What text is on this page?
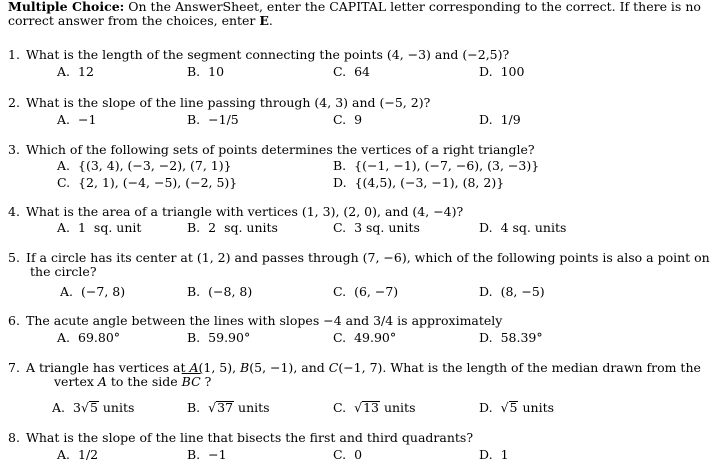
Multiple Choice: On the AnswerSheet, enter the CAPITAL letter corresponding to the correct. If there is no correct answer from the choices, enter E.
1. What is the length of the segment connecting the points (4, −3) and (−2,5)?
A. 12	B. 10	C. 64	D. 100
2. What is the slope of the line passing through (4, 3) and (−5, 2)?
A. −1	B. −1/5	C. 9	D. 1/9
3. Which of the following sets of points determines the vertices of a right triangle?
A. {(3, 4), (−3, −2), (7, 1)}	B. {(−1, −1), (−7, −6), (3, −3)}
C. {2, 1), (−4, −5), (−2, 5)}	D. {(4,5), (−3, −1), (8, 2)}
4. What is the area of a triangle with vertices (1, 3), (2, 0), and (4, −4)?
A. 1  sq. unit	B. 2  sq. units	C. 3 sq. units	D. 4 sq. units
5. If a circle has its center at (1, 2) and passes through (7, −6), which of the following points is also a point on
the circle?
A. (−7, 8)	B. (−8, 8)	C. (6, −7)	D. (8, −5)
6. The acute angle between the lines with slopes −4 and 3/4 is approximately
A. 69.80°	B. 59.90°	C. 49.90°	D. 58.39°
7. A triangle has vertices at A(1, 5), B(5, −1), and C(−1, 7). What is the length of the median drawn from the
vertex A to the side $\overline{BC}$ ?
A. 3√5 units	B. √37 units	C. √13 units	D. √5 units
8. What is the slope of the line that bisects the first and third quadrants?
A. 1/2	B. −1	C. 0	D. 1
